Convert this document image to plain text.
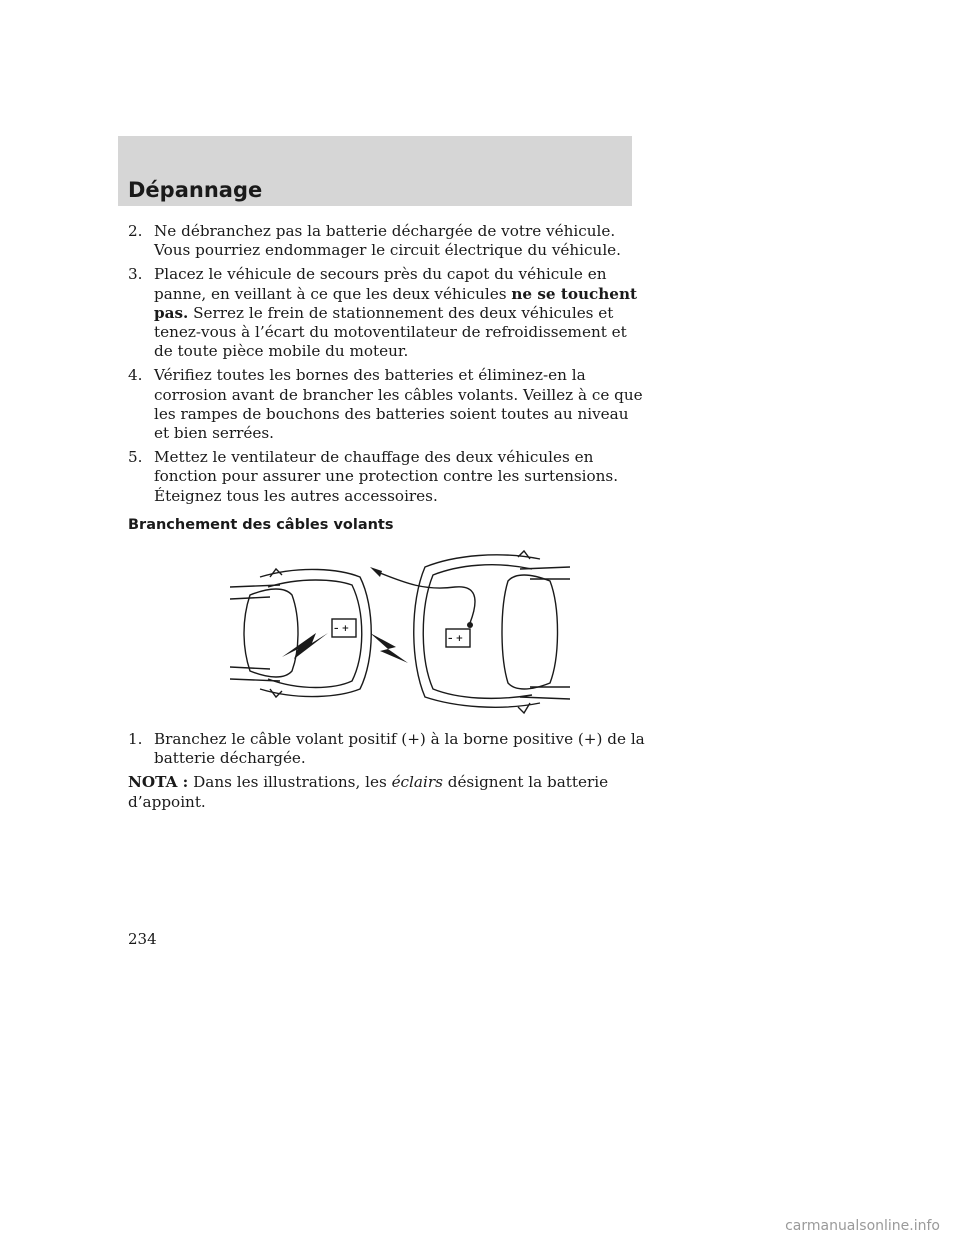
Dépannage
2. Ne débranchez pas la batterie déchargée de votre véhicule. Vous pourriez endommager le circuit électrique du véhicule.
3. Placez le véhicule de secours près du capot du véhicule en panne, en veillant à ce que les deux véhicules ne se touchent pas. Serrez le frein de stationnement des deux véhicules et tenez-vous à l’écart du motoventilateur de refroidissement et de toute pièce mobile du moteur.
4. Vérifiez toutes les bornes des batteries et éliminez-en la corrosion avant de brancher les câbles volants. Veillez à ce que les rampes de bouchons des batteries soient toutes au niveau et bien serrées.
5. Mettez le ventilateur de chauffage des deux véhicules en fonction pour assurer une protection contre les surtensions. Éteignez tous les autres accessoires.
Branchement des câbles volants
– +
– +
1. Branchez le câble volant positif (+) à la borne positive (+) de la batterie déchargée.
NOTA : Dans les illustrations, les éclairs désignent la batterie d’appoint.
234
carmanualsonline.info
